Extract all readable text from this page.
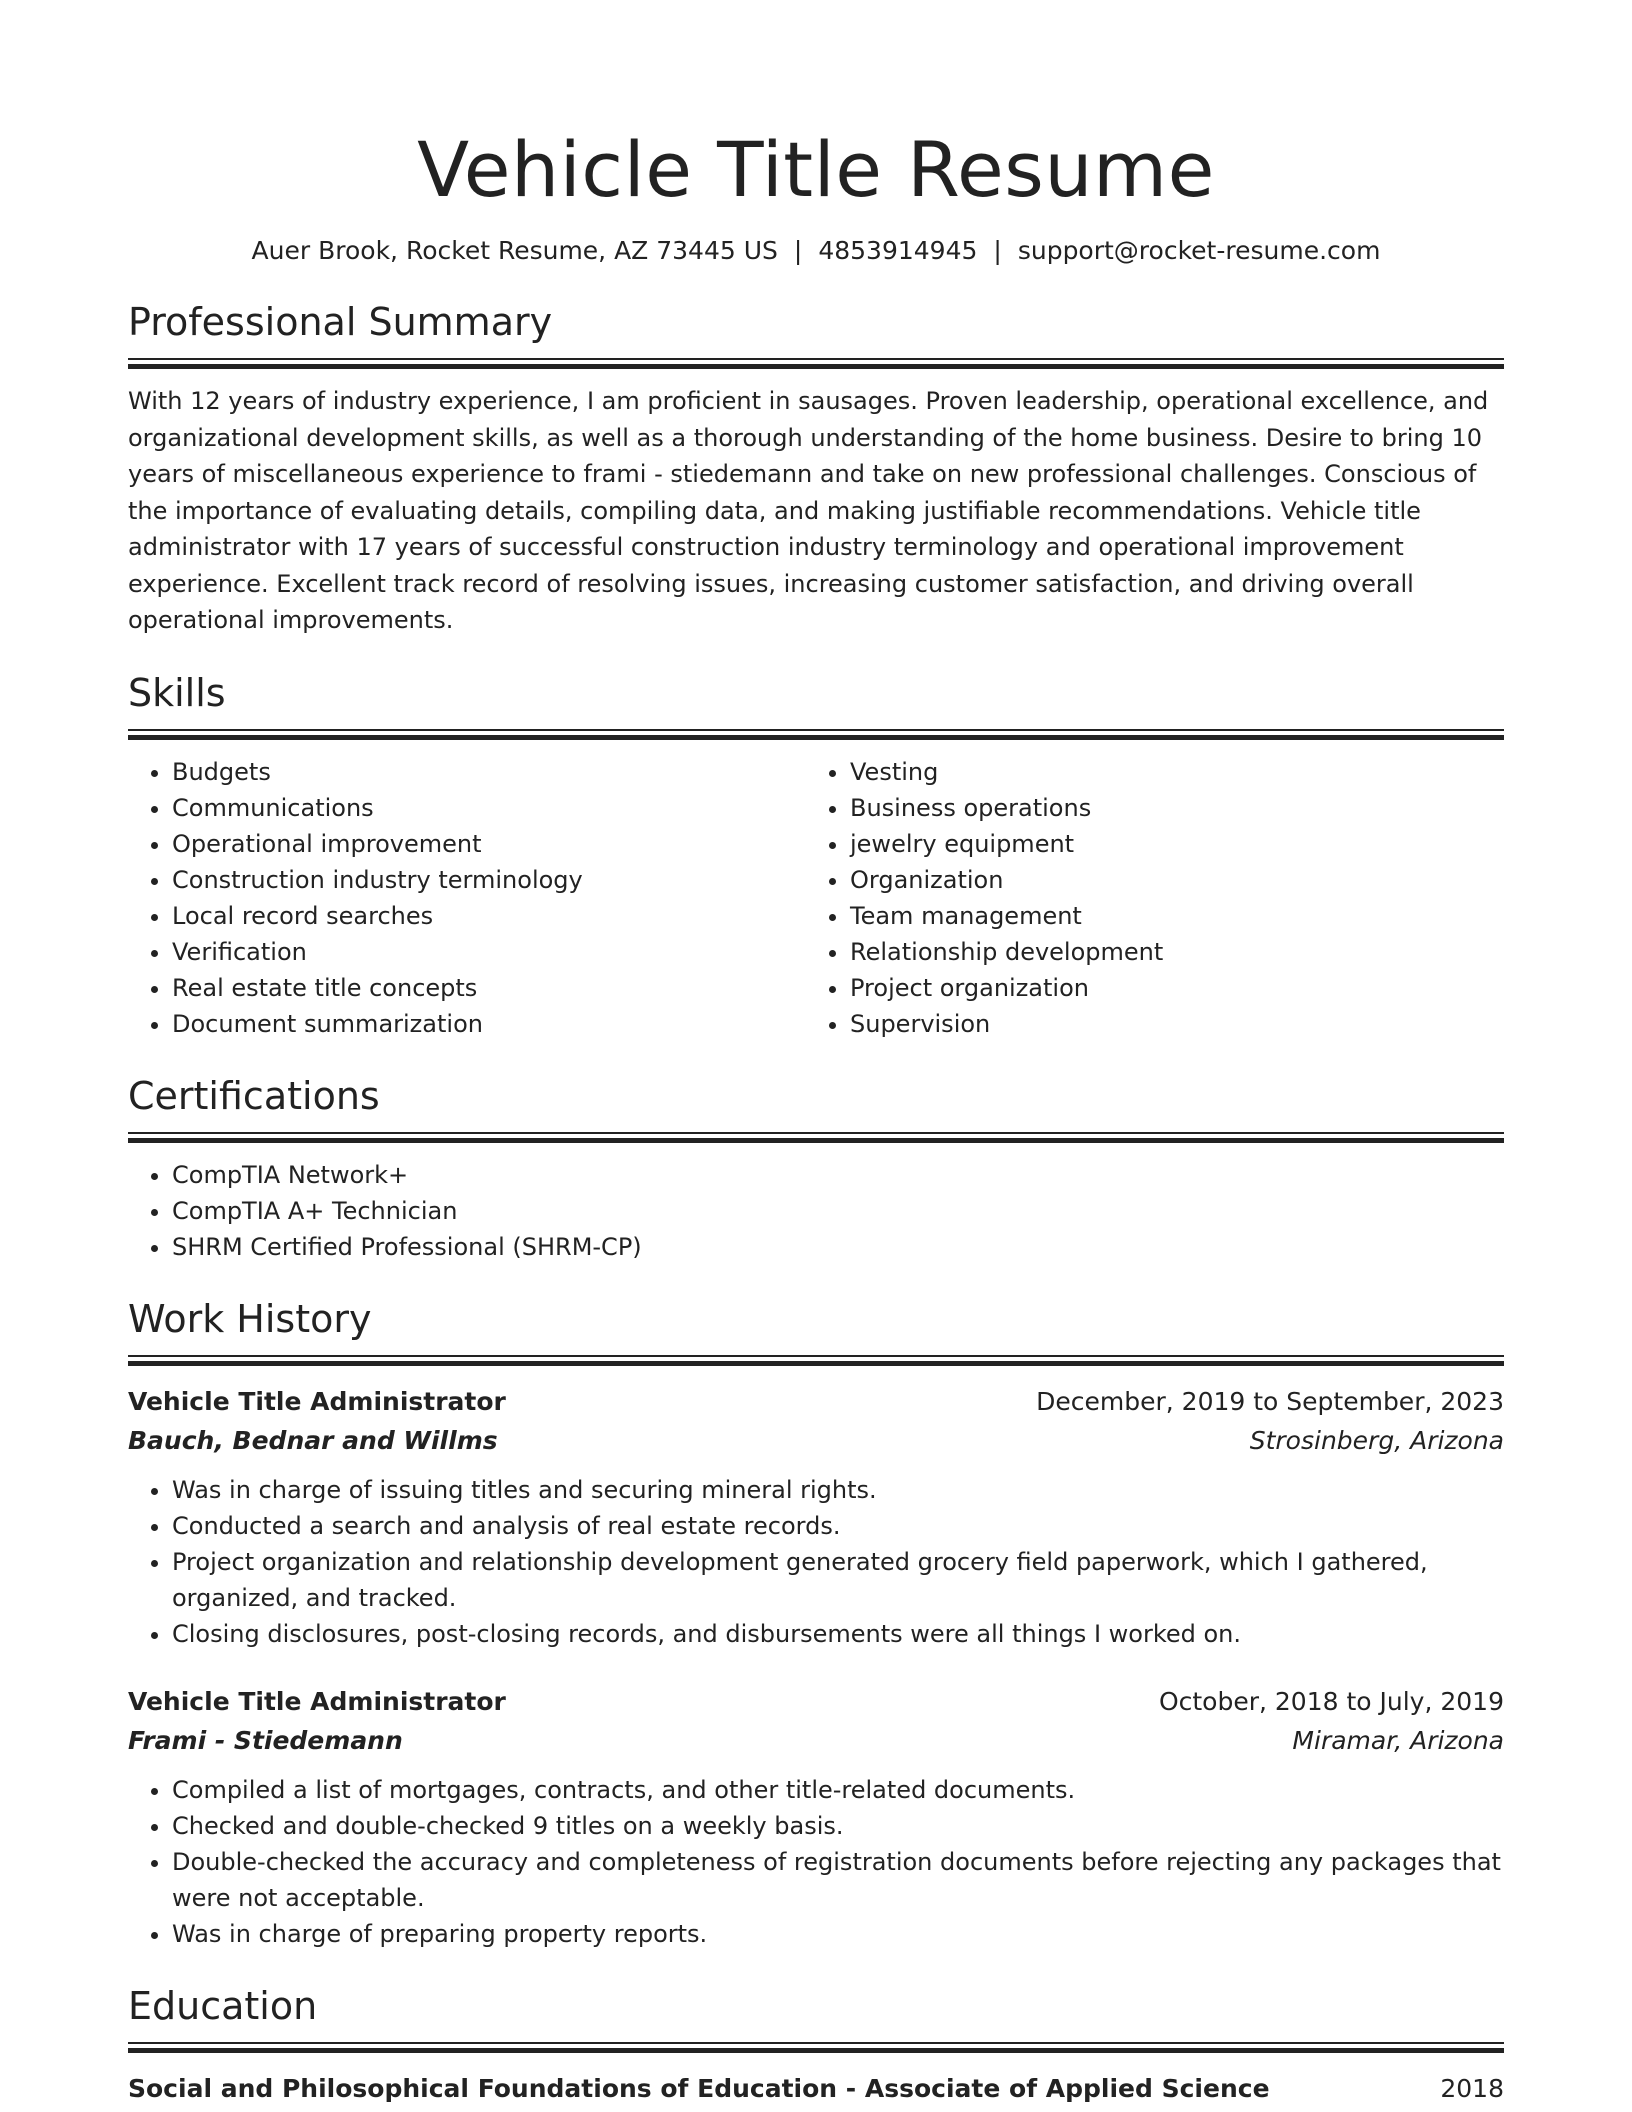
Vehicle Title Resume
Auer Brook, Rocket Resume, AZ 73445 US | 4853914945 | support@rocket-resume.com
Professional Summary
With 12 years of industry experience, I am proficient in sausages. Proven leadership, operational excellence, and organizational development skills, as well as a thorough understanding of the home business. Desire to bring 10 years of miscellaneous experience to frami - stiedemann and take on new professional challenges. Conscious of the importance of evaluating details, compiling data, and making justifiable recommendations. Vehicle title administrator with 17 years of successful construction industry terminology and operational improvement experience. Excellent track record of resolving issues, increasing customer satisfaction, and driving overall operational improvements.
Skills
• Budgets
• Communications
• Operational improvement
• Construction industry terminology
• Local record searches
• Verification
• Real estate title concepts
• Document summarization
• Vesting
• Business operations
• jewelry equipment
• Organization
• Team management
• Relationship development
• Project organization
• Supervision
Certifications
• CompTIA Network+
• CompTIA A+ Technician
• SHRM Certified Professional (SHRM-CP)
Work History
Vehicle Title Administrator	December, 2019 to September, 2023
Bauch, Bednar and Willms	Strosinberg, Arizona
• Was in charge of issuing titles and securing mineral rights.
• Conducted a search and analysis of real estate records.
• Project organization and relationship development generated grocery field paperwork, which I gathered, organized, and tracked.
• Closing disclosures, post-closing records, and disbursements were all things I worked on.
Vehicle Title Administrator	October, 2018 to July, 2019
Frami - Stiedemann	Miramar, Arizona
• Compiled a list of mortgages, contracts, and other title-related documents.
• Checked and double-checked 9 titles on a weekly basis.
• Double-checked the accuracy and completeness of registration documents before rejecting any packages that were not acceptable.
• Was in charge of preparing property reports.
Education
Social and Philosophical Foundations of Education - Associate of Applied Science	2018
